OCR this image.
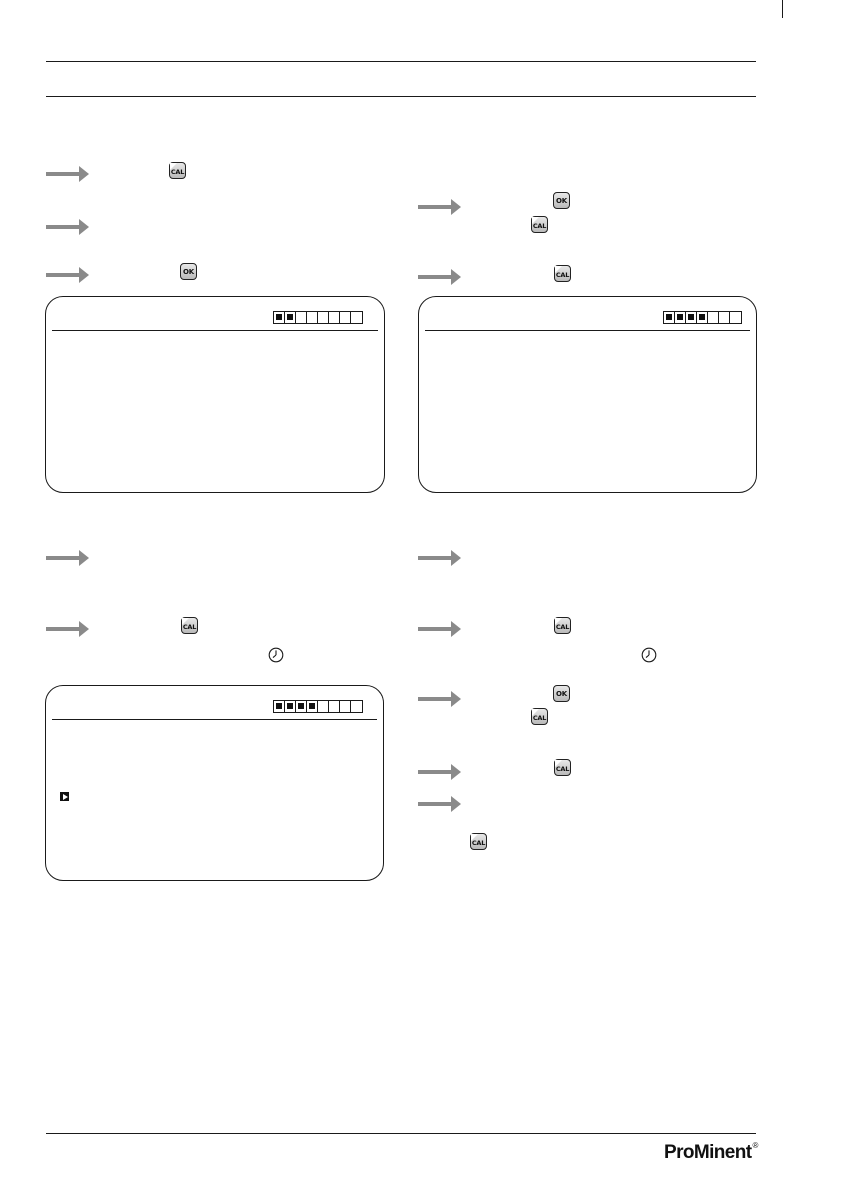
CAL
OK
OK
CAL
CAL
CAL	CAL
OK
CAL
CAL
CAL
ProMinent®
